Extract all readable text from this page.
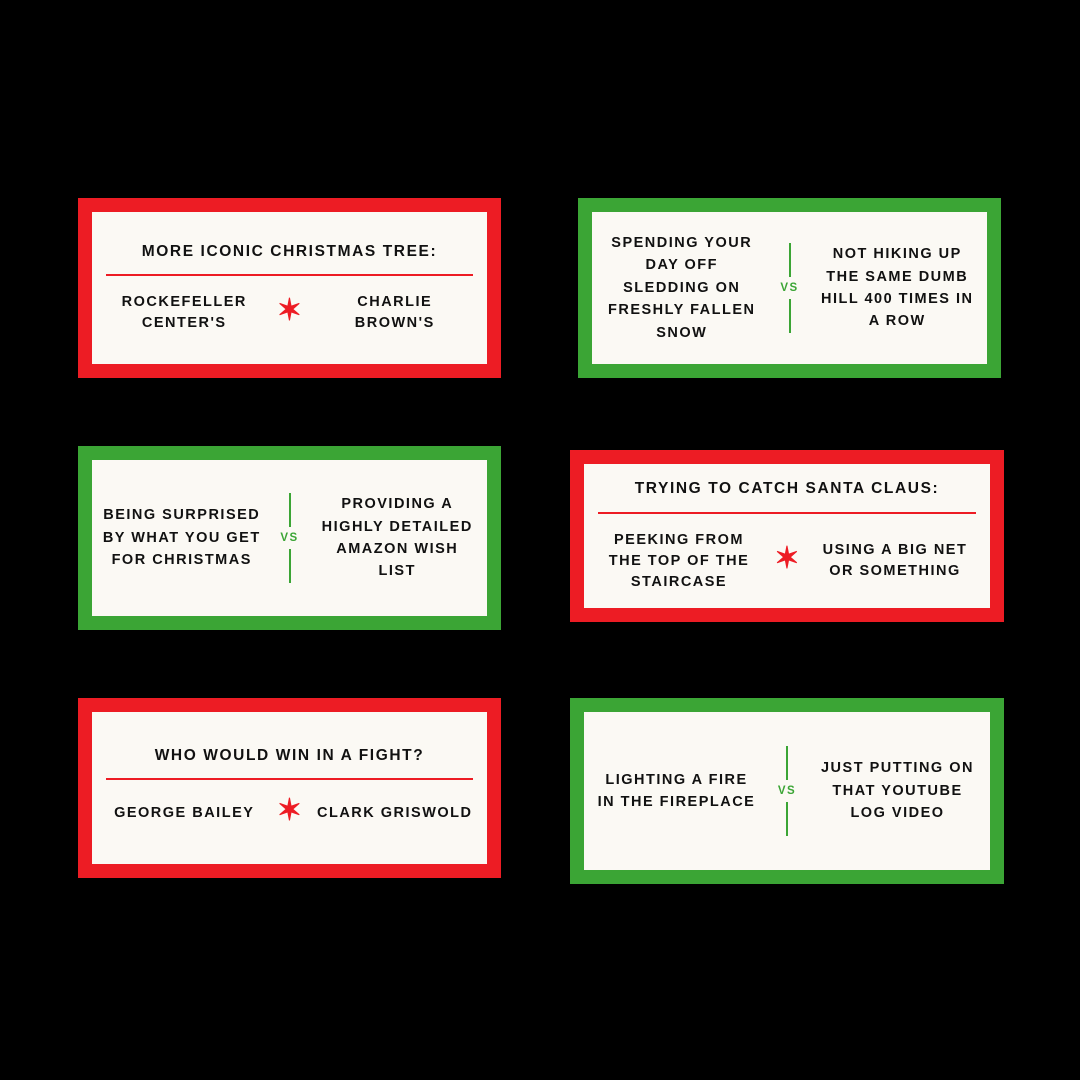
MORE ICONIC CHRISTMAS TREE:
ROCKEFELLER CENTER'S	✶	CHARLIE BROWN'S
SPENDING YOUR DAY OFF SLEDDING ON FRESHLY FALLEN SNOW
VS
NOT HIKING UP THE SAME DUMB HILL 400 TIMES IN A ROW
BEING SURPRISED BY WHAT YOU GET FOR CHRISTMAS
VS
PROVIDING A HIGHLY DETAILED AMAZON WISH LIST
TRYING TO CATCH SANTA CLAUS:
PEEKING FROM THE TOP OF THE STAIRCASE
✶	USING A BIG NET OR SOMETHING
WHO WOULD WIN IN A FIGHT?
GEORGE BAILEY ✶	CLARK GRISWOLD
LIGHTING A FIRE IN THE FIREPLACE
VS
JUST PUTTING ON THAT YOUTUBE LOG VIDEO
